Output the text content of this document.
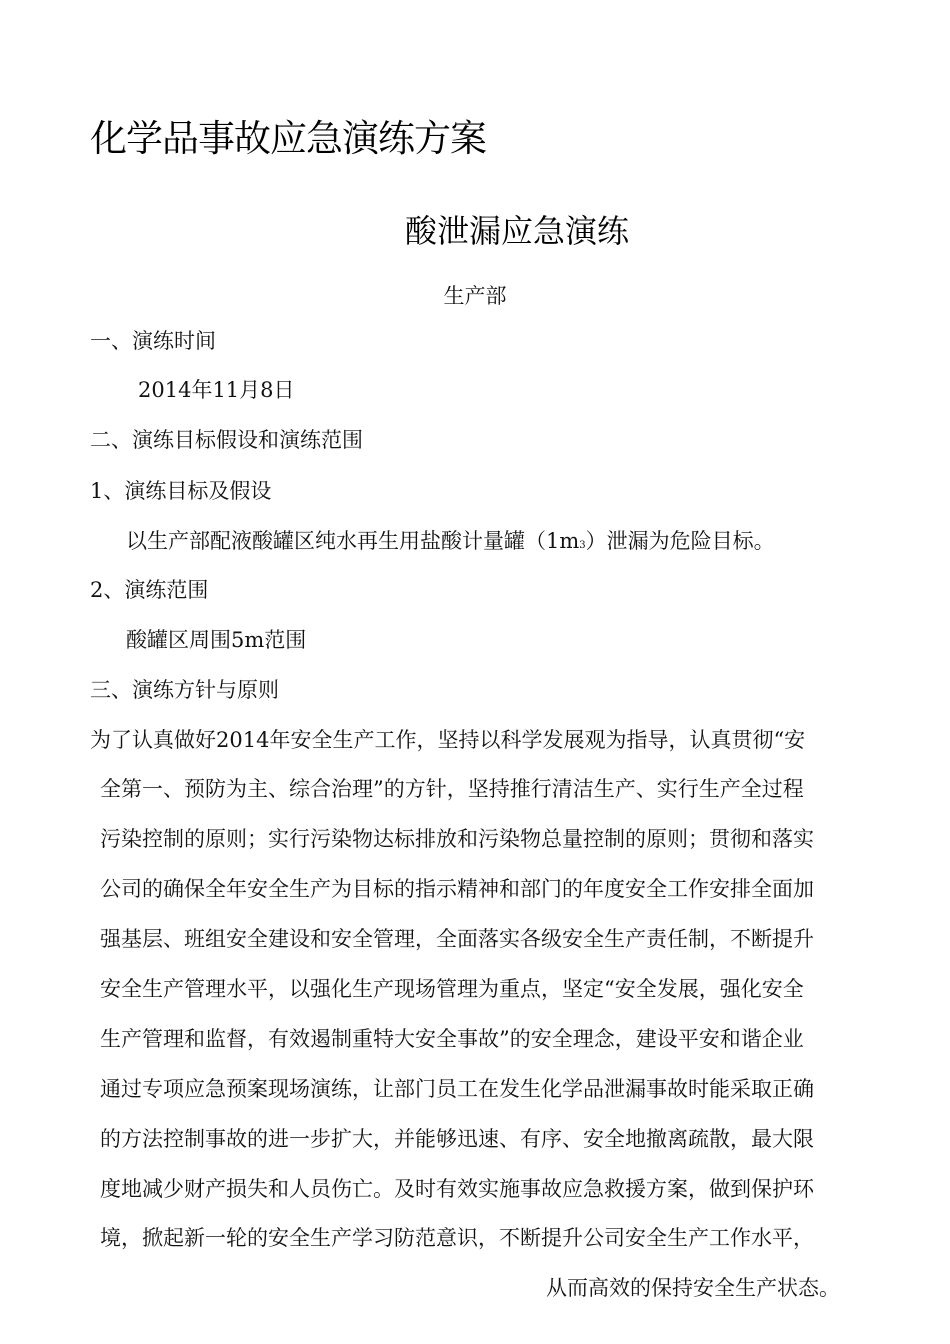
化学品事故应急演练方案
酸泄漏应急演练
生产部
一、演练时间
2014年11月8日
二、演练目标假设和演练范围
1、演练目标及假设
以生产部配液酸罐区纯水再生用盐酸计量罐（1m3）泄漏为危险目标。
2、演练范围
酸罐区周围5m范围
三、演练方针与原则
为了认真做好2014年安全生产工作，坚持以科学发展观为指导，认真贯彻“安
全第一、预防为主、综合治理”的方针，坚持推行清洁生产、实行生产全过程
污染控制的原则；实行污染物达标排放和污染物总量控制的原则；贯彻和落实
公司的确保全年安全生产为目标的指示精神和部门的年度安全工作安排全面加
强基层、班组安全建设和安全管理，全面落实各级安全生产责任制，不断提升
安全生产管理水平，以强化生产现场管理为重点，坚定“安全发展，强化安全
生产管理和监督，有效遏制重特大安全事故”的安全理念，建设平安和谐企业
通过专项应急预案现场演练，让部门员工在发生化学品泄漏事故时能采取正确
的方法控制事故的进一步扩大，并能够迅速、有序、安全地撤离疏散，最大限
度地减少财产损失和人员伤亡。及时有效实施事故应急救援方案，做到保护环
境，掀起新一轮的安全生产学习防范意识，不断提升公司安全生产工作水平，
从而高效的保持安全生产状态。
